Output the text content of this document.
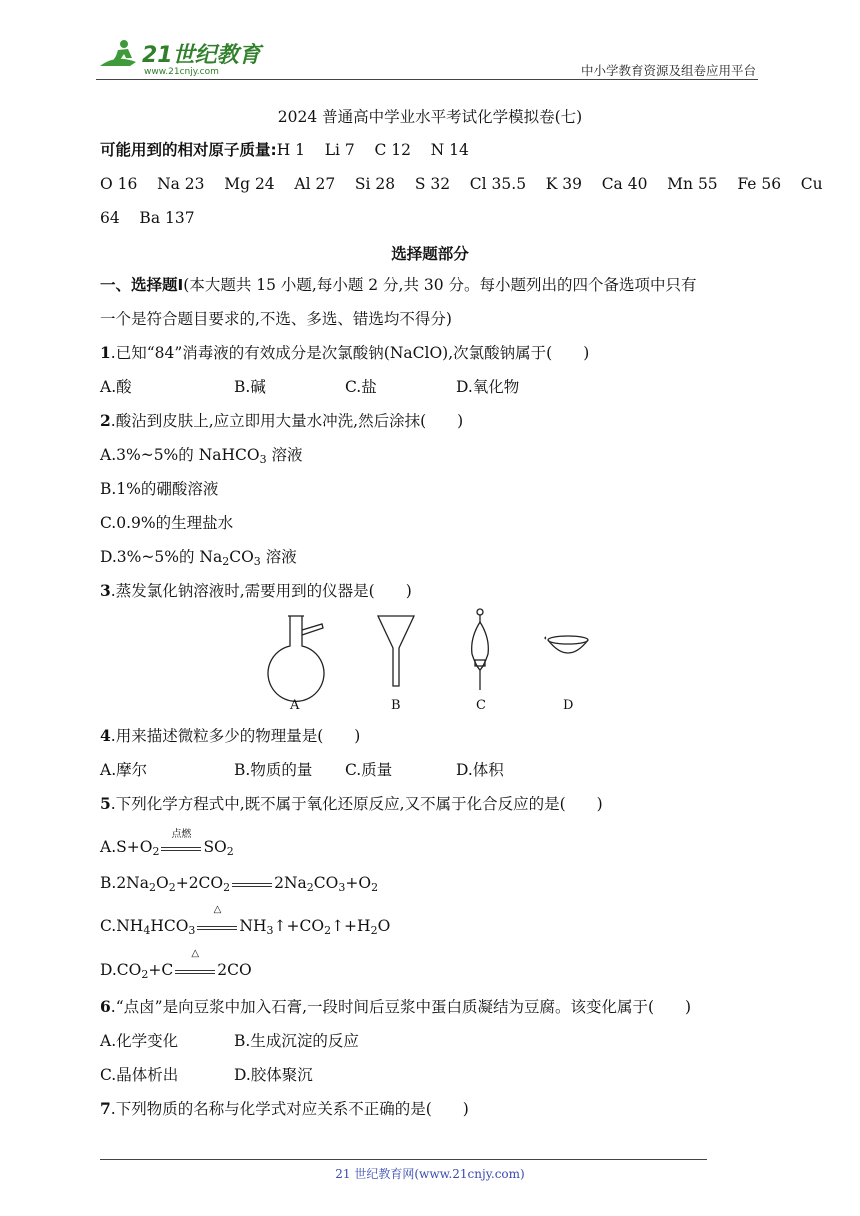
21世纪教育
www.21cnjy.com	中小学教育资源及组卷应用平台
2024 普通高中学业水平考试化学模拟卷(七)
可能用到的相对原子质量:H 1    Li 7    C 12    N 14
O 16    Na 23    Mg 24    Al 27    Si 28    S 32    Cl 35.5    K 39    Ca 40    Mn 55    Fe 56    Cu
64    Ba 137
选择题部分
一、选择题Ⅰ(本大题共 15 小题,每小题 2 分,共 30 分。每小题列出的四个备选项中只有
一个是符合题目要求的,不选、多选、错选均不得分)
1.已知“84”消毒液的有效成分是次氯酸钠(NaClO),次氯酸钠属于(　　)
A.酸	B.碱	C.盐	D.氧化物
2.酸沾到皮肤上,应立即用大量水冲洗,然后涂抹(　　)
A.3%~5%的 NaHCO$_3$ 溶液
B.1%的硼酸溶液
C.0.9%的生理盐水
D.3%~5%的 $Na_2CO_3$ 溶液
3.蒸发氯化钠溶液时,需要用到的仪器是(　　)
A	B	C	D
4.用来描述微粒多少的物理量是(　　)
A.摩尔	B.物质的量 C.质量	D.体积
5.下列化学方程式中,既不属于氧化还原反应,又不属于化合反应的是(　　)
$A.S+O_2$
点燃
$SO_2$
$B.2Na_2O_2+2CO_2$	$2Na_2CO_3+O_2$
$C.NH_4HCO_3$
△
$NH_3↑+CO_2↑+H_2O$
$D.CO_2+C$
△
2CO
6.“点卤”是向豆浆中加入石膏,一段时间后豆浆中蛋白质凝结为豆腐。该变化属于(　　)
A.化学变化	B.生成沉淀的反应
C.晶体析出	D.胶体聚沉
7.下列物质的名称与化学式对应关系不正确的是(　　)
21 世纪教育网(www.21cnjy.com)
